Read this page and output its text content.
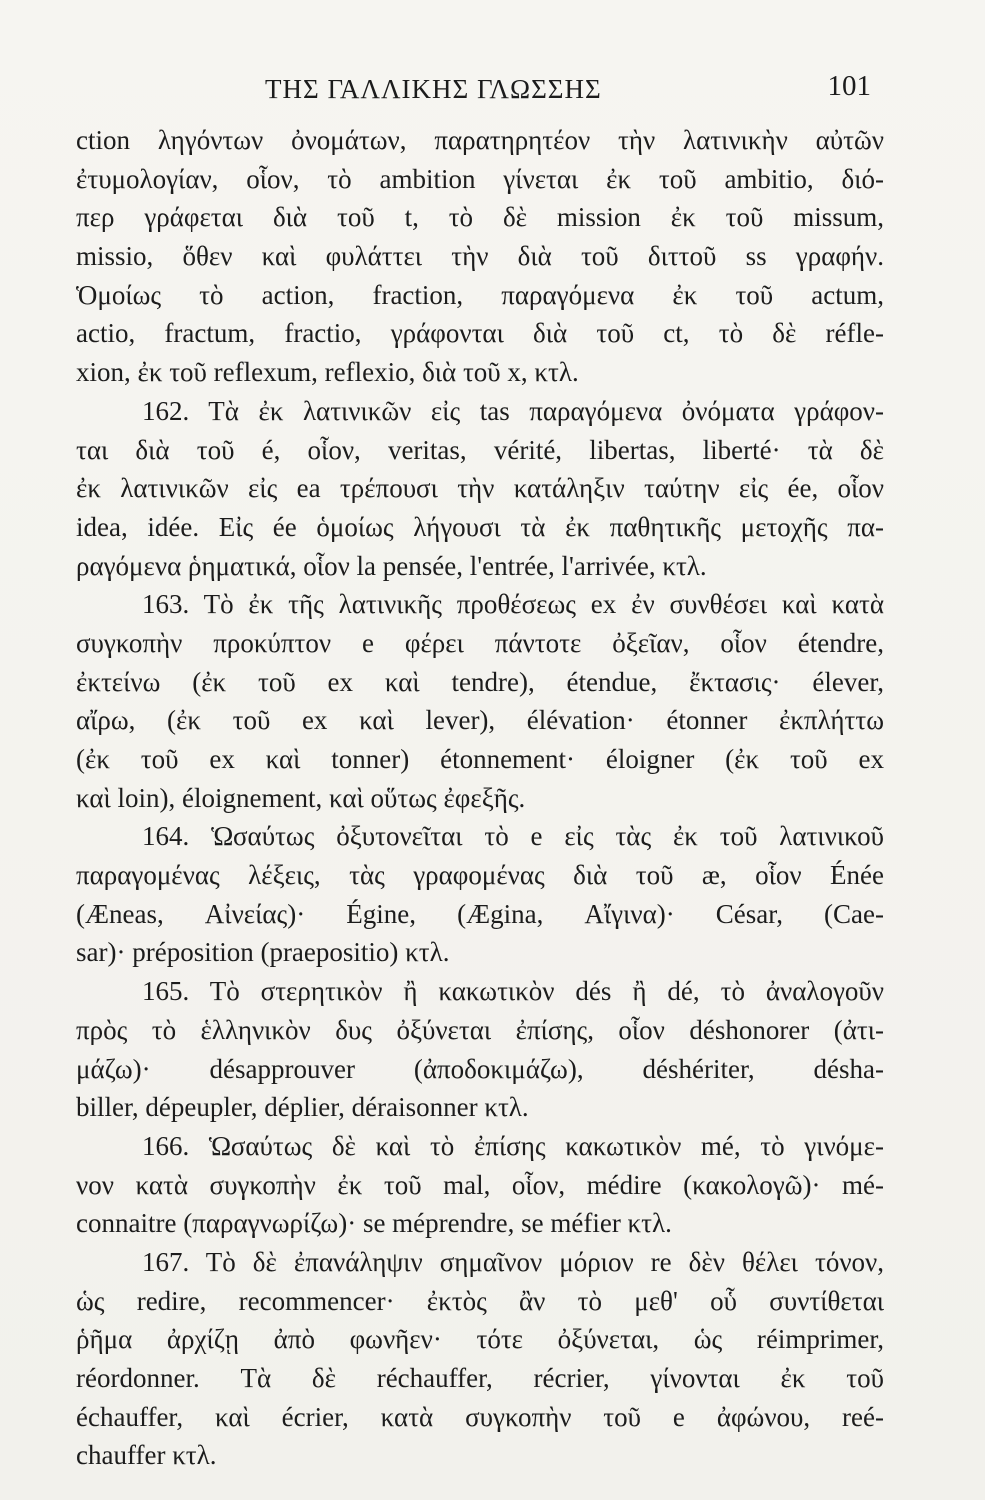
ΤΗΣ ΓΑΛΛΙΚΗΣ ΓΛΩΣΣΗΣ	101
ction ληγόντων ὀνομάτων, παρατηρητέον τὴν λατινικὴν αὐτῶν
ἐτυμολογίαν, οἷον, τὸ ambition γίνεται ἐκ τοῦ ambitio, διό-
περ γράφεται διὰ τοῦ t, τὸ δὲ mission ἐκ τοῦ missum,
missio, ὅθεν καὶ φυλάττει τὴν διὰ τοῦ διττοῦ ss γραφήν.
Ὁμοίως τὸ action, fraction, παραγόμενα ἐκ τοῦ actum,
actio, fractum, fractio, γράφονται διὰ τοῦ ct, τὸ δὲ réfle-
xion, ἐκ τοῦ reflexum, reflexio, διὰ τοῦ x, κτλ.
162. Τὰ ἐκ λατινικῶν εἰς tas παραγόμενα ὀνόματα γράφον-
ται διὰ τοῦ é, οἷον, veritas, vérité, libertas, liberté· τὰ δὲ
ἐκ λατινικῶν εἰς ea τρέπουσι τὴν κατάληξιν ταύτην εἰς ée, οἷον
idea, idée. Εἰς ée ὁμοίως λήγουσι τὰ ἐκ παθητικῆς μετοχῆς πα-
ραγόμενα ῥηματικά, οἷον la pensée, l'entrée, l'arrivée, κτλ.
163. Τὸ ἐκ τῆς λατινικῆς προθέσεως ex ἐν συνθέσει καὶ κατὰ
συγκοπὴν προκύπτον e φέρει πάντοτε ὀξεῖαν, οἷον étendre,
ἐκτείνω (ἐκ τοῦ ex καὶ tendre), étendue, ἔκτασις· élever,
αἴρω, (ἐκ τοῦ ex καὶ lever), élévation· étonner ἐκπλήττω
(ἐκ τοῦ ex καὶ tonner) étonnement· éloigner (ἐκ τοῦ ex
καὶ loin), éloignement, καὶ οὕτως ἐφεξῆς.
164. Ὡσαύτως ὀξυτονεῖται τὸ e εἰς τὰς ἐκ τοῦ λατινικοῦ
παραγομένας λέξεις, τὰς γραφομένας διὰ τοῦ æ, οἷον Énée
(Æneas, Αἰνείας)· Égine, (Ægina, Αἴγινα)· César, (Cae-
sar)· préposition (praepositio) κτλ.
165. Τὸ στερητικὸν ἢ κακωτικὸν dés ἢ dé, τὸ ἀναλογοῦν
πρὸς τὸ ἑλληνικὸν δυς ὀξύνεται ἐπίσης, οἷον déshonorer (ἀτι-
μάζω)· désapprouver (ἀποδοκιμάζω), déshériter, désha-
biller, dépeupler, déplier, déraisonner κτλ.
166. Ὡσαύτως δὲ καὶ τὸ ἐπίσης κακωτικὸν mé, τὸ γινόμε-
νον κατὰ συγκοπὴν ἐκ τοῦ mal, οἷον, médire (κακολογῶ)· mé-
connaitre (παραγνωρίζω)· se méprendre, se méfier κτλ.
167. Τὸ δὲ ἐπανάληψιν σημαῖνον μόριον re δὲν θέλει τόνον,
ὡς redire, recommencer· ἐκτὸς ἂν τὸ μεθ' οὗ συντίθεται
ῥῆμα ἀρχίζῃ ἀπὸ φωνῆεν· τότε ὀξύνεται, ὡς réimprimer,
réordonner. Τὰ δὲ réchauffer, récrier, γίνονται ἐκ τοῦ
échauffer, καὶ écrier, κατὰ συγκοπὴν τοῦ e ἀφώνου, reé-
chauffer κτλ.
